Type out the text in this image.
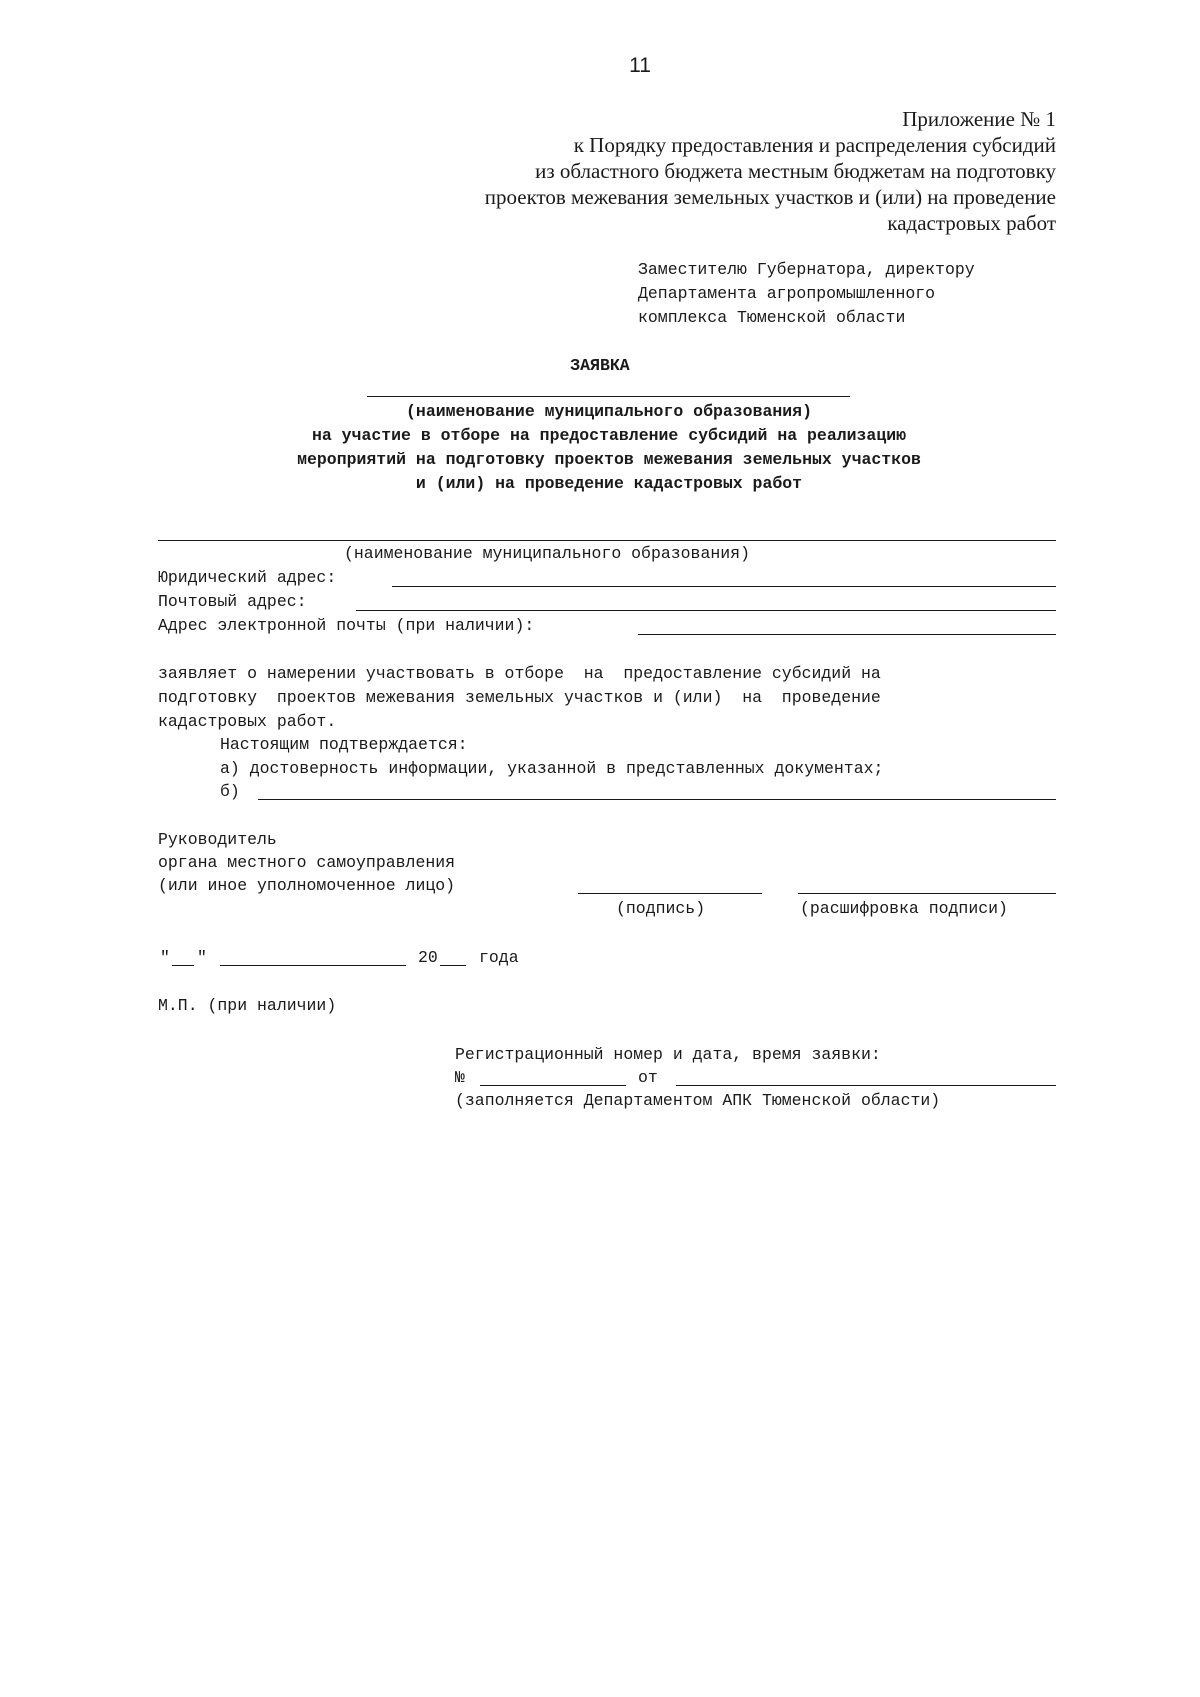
11
Приложение № 1
к Порядку предоставления и распределения субсидий
из областного бюджета местным бюджетам на подготовку
проектов межевания земельных участков и (или) на проведение
кадастровых работ
Заместителю Губернатора, директору
Департамента агропромышленного
комплекса Тюменской области
ЗАЯВКА
(наименование муниципального образования)
на участие в отборе на предоставление субсидий на реализацию
мероприятий на подготовку проектов межевания земельных участков
и (или) на проведение кадастровых работ
(наименование муниципального образования)
Юридический адрес:
Почтовый адрес:
Адрес электронной почты (при наличии):
заявляет о намерении участвовать в отборе  на  предоставление субсидий на
подготовку  проектов межевания земельных участков и (или)  на  проведение
кадастровых работ.
Настоящим подтверждается:
а) достоверность информации, указанной в представленных документах;
б)
Руководитель
органа местного самоуправления
(или иное уполномоченное лицо)
(подпись)	(расшифровка подписи)
" "	20 года
М.П. (при наличии)
Регистрационный номер и дата, время заявки:
№	от
(заполняется Департаментом АПК Тюменской области)
